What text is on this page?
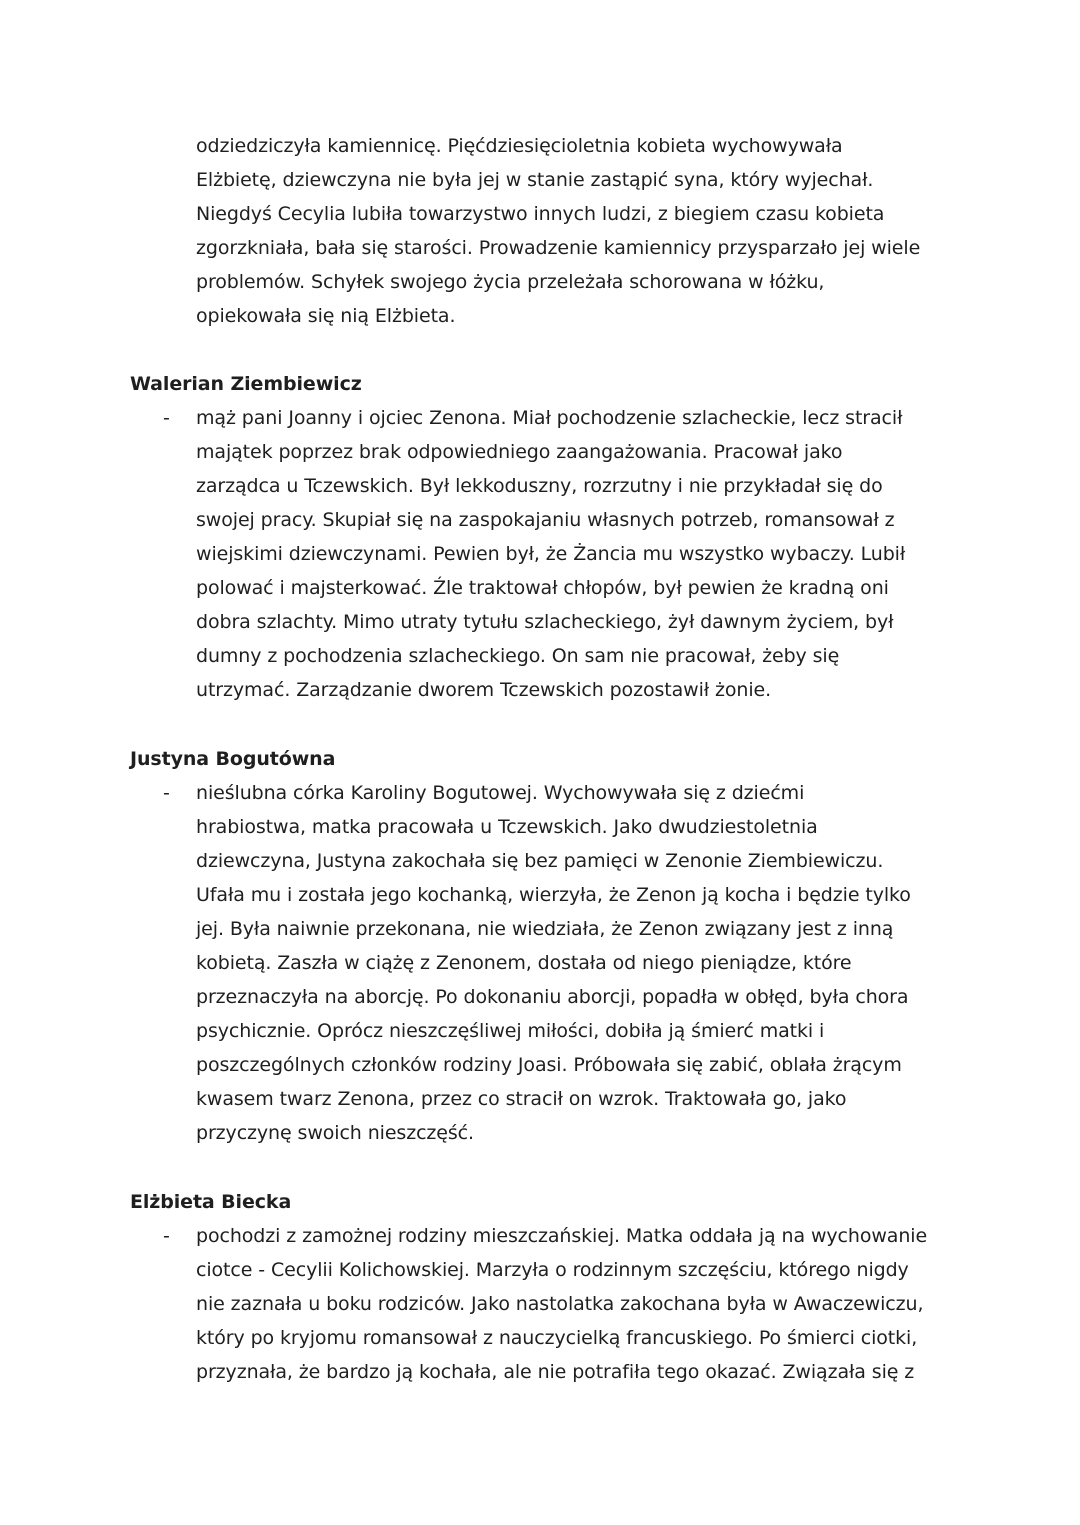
odziedziczyła kamiennicę. Pięćdziesięcioletnia kobieta wychowywała
Elżbietę, dziewczyna nie była jej w stanie zastąpić syna, który wyjechał.
Niegdyś Cecylia lubiła towarzystwo innych ludzi, z biegiem czasu kobieta
zgorzkniała, bała się starości. Prowadzenie kamiennicy przysparzało jej wiele
problemów. Schyłek swojego życia przeleżała schorowana w łóżku,
opiekowała się nią Elżbieta.
Walerian Ziembiewicz
- mąż pani Joanny i ojciec Zenona. Miał pochodzenie szlacheckie, lecz stracił
majątek poprzez brak odpowiedniego zaangażowania. Pracował jako
zarządca u Tczewskich. Był lekkoduszny, rozrzutny i nie przykładał się do
swojej pracy. Skupiał się na zaspokajaniu własnych potrzeb, romansował z
wiejskimi dziewczynami. Pewien był, że Żancia mu wszystko wybaczy. Lubił
polować i majsterkować. Źle traktował chłopów, był pewien że kradną oni
dobra szlachty. Mimo utraty tytułu szlacheckiego, żył dawnym życiem, był
dumny z pochodzenia szlacheckiego. On sam nie pracował, żeby się
utrzymać. Zarządzanie dworem Tczewskich pozostawił żonie.
Justyna Bogutówna
- nieślubna córka Karoliny Bogutowej. Wychowywała się z dziećmi
hrabiostwa, matka pracowała u Tczewskich. Jako dwudziestoletnia
dziewczyna, Justyna zakochała się bez pamięci w Zenonie Ziembiewiczu.
Ufała mu i została jego kochanką, wierzyła, że Zenon ją kocha i będzie tylko
jej. Była naiwnie przekonana, nie wiedziała, że Zenon związany jest z inną
kobietą. Zaszła w ciążę z Zenonem, dostała od niego pieniądze, które
przeznaczyła na aborcję. Po dokonaniu aborcji, popadła w obłęd, była chora
psychicznie. Oprócz nieszczęśliwej miłości, dobiła ją śmierć matki i
poszczególnych członków rodziny Joasi. Próbowała się zabić, oblała żrącym
kwasem twarz Zenona, przez co stracił on wzrok. Traktowała go, jako
przyczynę swoich nieszczęść.
Elżbieta Biecka
- pochodzi z zamożnej rodziny mieszczańskiej. Matka oddała ją na wychowanie
ciotce - Cecylii Kolichowskiej. Marzyła o rodzinnym szczęściu, którego nigdy
nie zaznała u boku rodziców. Jako nastolatka zakochana była w Awaczewiczu,
który po kryjomu romansował z nauczycielką francuskiego. Po śmierci ciotki,
przyznała, że bardzo ją kochała, ale nie potrafiła tego okazać. Związała się z
